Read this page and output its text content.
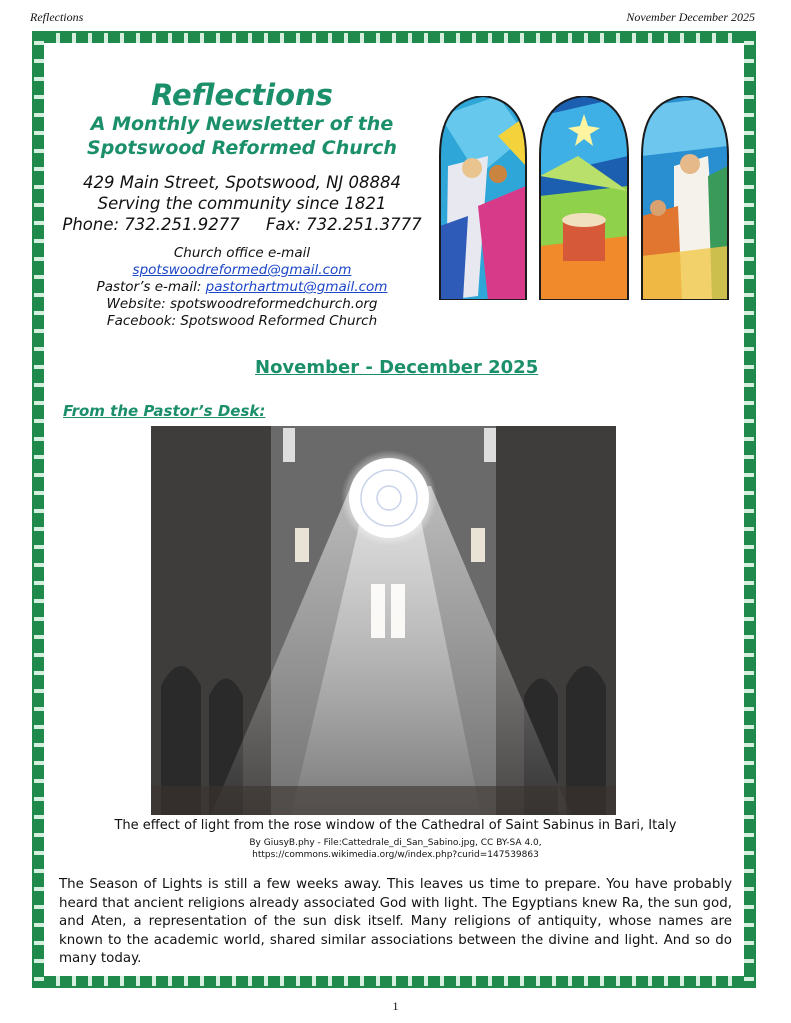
Reflections	November December 2025

Reflections

A Monthly Newsletter of the

Spotswood Reformed Church

429 Main Street, Spotswood, NJ 08884
Serving the community since 1821
Phone: 732.251.9277     Fax: 732.251.3777
Church office e-mail
spotswoodreformed@gmail.com
Pastor’s e-mail: pastorhartmut@gmail.com
Website: spotswoodreformedchurch.org
Facebook: Spotswood Reformed Church
November - December 2025
From the Pastor’s Desk:
The effect of light from the rose window of the Cathedral of Saint Sabinus in Bari, Italy
By GiusyB.phy - File:Cattedrale_di_San_Sabino.jpg, CC BY-SA 4.0,
https://commons.wikimedia.org/w/index.php?curid=147539863
The Season of Lights is still a few weeks away. This leaves us time to prepare. You have probably heard that ancient religions already associated God with light. The Egyptians knew Ra, the sun god, and Aten, a representation of the sun disk itself. Many religions of antiquity, whose names are known to the academic world, shared similar associations between the divine and light. And so do many today.
1
